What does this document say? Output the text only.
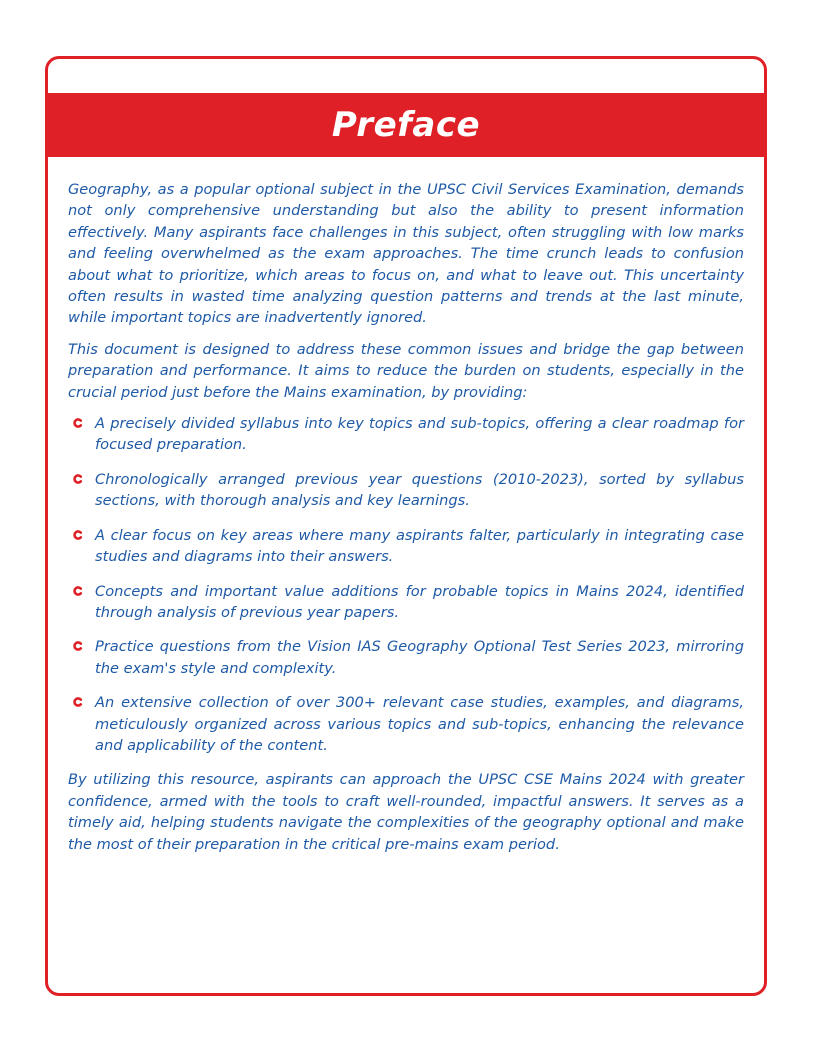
Preface

Geography, as a popular optional subject in the UPSC Civil Services Examination, demands not only comprehensive understanding but also the ability to present information effectively. Many aspirants face challenges in this subject, often struggling with low marks and feeling overwhelmed as the exam approaches. The time crunch leads to confusion about what to prioritize, which areas to focus on, and what to leave out. This uncertainty often results in wasted time analyzing question patterns and trends at the last minute, while important topics are inadvertently ignored.

This document is designed to address these common issues and bridge the gap between preparation and performance. It aims to reduce the burden on students, especially in the crucial period just before the Mains examination, by providing:

A precisely divided syllabus into key topics and sub-topics, offering a clear roadmap for focused preparation.
Chronologically arranged previous year questions (2010-2023), sorted by syllabus sections, with thorough analysis and key learnings.
A clear focus on key areas where many aspirants falter, particularly in integrating case studies and diagrams into their answers.
Concepts and important value additions for probable topics in Mains 2024, identified through analysis of previous year papers.
Practice questions from the Vision IAS Geography Optional Test Series 2023, mirroring the exam's style and complexity.
An extensive collection of over 300+ relevant case studies, examples, and diagrams, meticulously organized across various topics and sub-topics, enhancing the relevance and applicability of the content.

By utilizing this resource, aspirants can approach the UPSC CSE Mains 2024 with greater confidence, armed with the tools to craft well-rounded, impactful answers. It serves as a timely aid, helping students navigate the complexities of the geography optional and make the most of their preparation in the critical pre-mains exam period.
